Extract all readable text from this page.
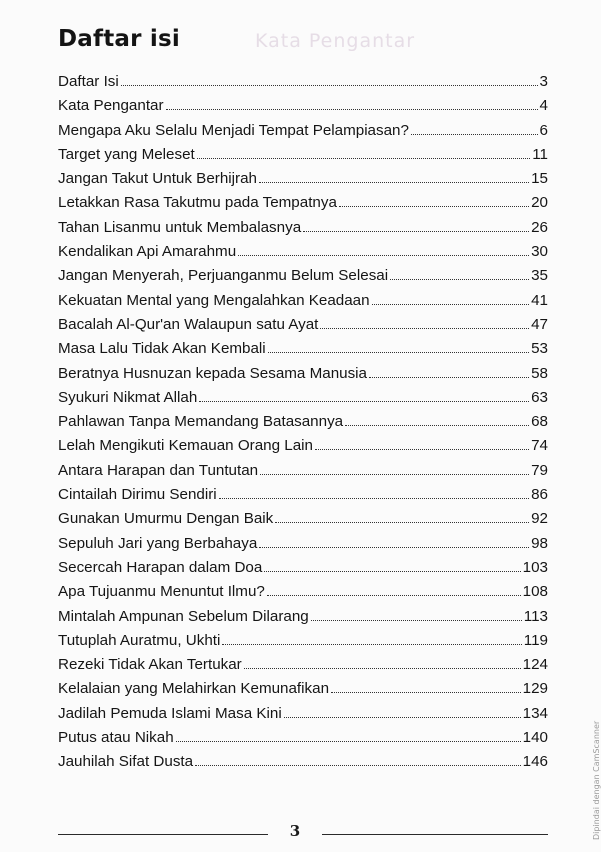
Kata Pengantar
Daftar isi
Daftar Isi	3
Kata Pengantar	4
Mengapa Aku Selalu Menjadi Tempat Pelampiasan?	6
Target yang Meleset	11
Jangan Takut Untuk Berhijrah	15
Letakkan Rasa Takutmu pada Tempatnya	20
Tahan Lisanmu untuk Membalasnya	26
Kendalikan Api Amarahmu	30
Jangan Menyerah, Perjuanganmu Belum Selesai	35
Kekuatan Mental yang Mengalahkan Keadaan	41
Bacalah Al-Qur'an Walaupun satu Ayat	47
Masa Lalu Tidak Akan Kembali	53
Beratnya Husnuzan kepada Sesama Manusia	58
Syukuri Nikmat Allah	63
Pahlawan Tanpa Memandang Batasannya	68
Lelah Mengikuti Kemauan Orang Lain	74
Antara Harapan dan Tuntutan	79
Cintailah Dirimu Sendiri	86
Gunakan Umurmu Dengan Baik	92
Sepuluh Jari yang Berbahaya	98
Secercah Harapan dalam Doa	103
Apa Tujuanmu Menuntut Ilmu?	108
Mintalah Ampunan Sebelum Dilarang	113
Tutuplah Auratmu, Ukhti	119
Rezeki Tidak Akan Tertukar	124
Kelalaian yang Melahirkan Kemunafikan	129
Jadilah Pemuda Islami Masa Kini	134
Putus atau Nikah	140
Jauhilah Sifat Dusta	146
3	Dipindai dengan CamScanner
